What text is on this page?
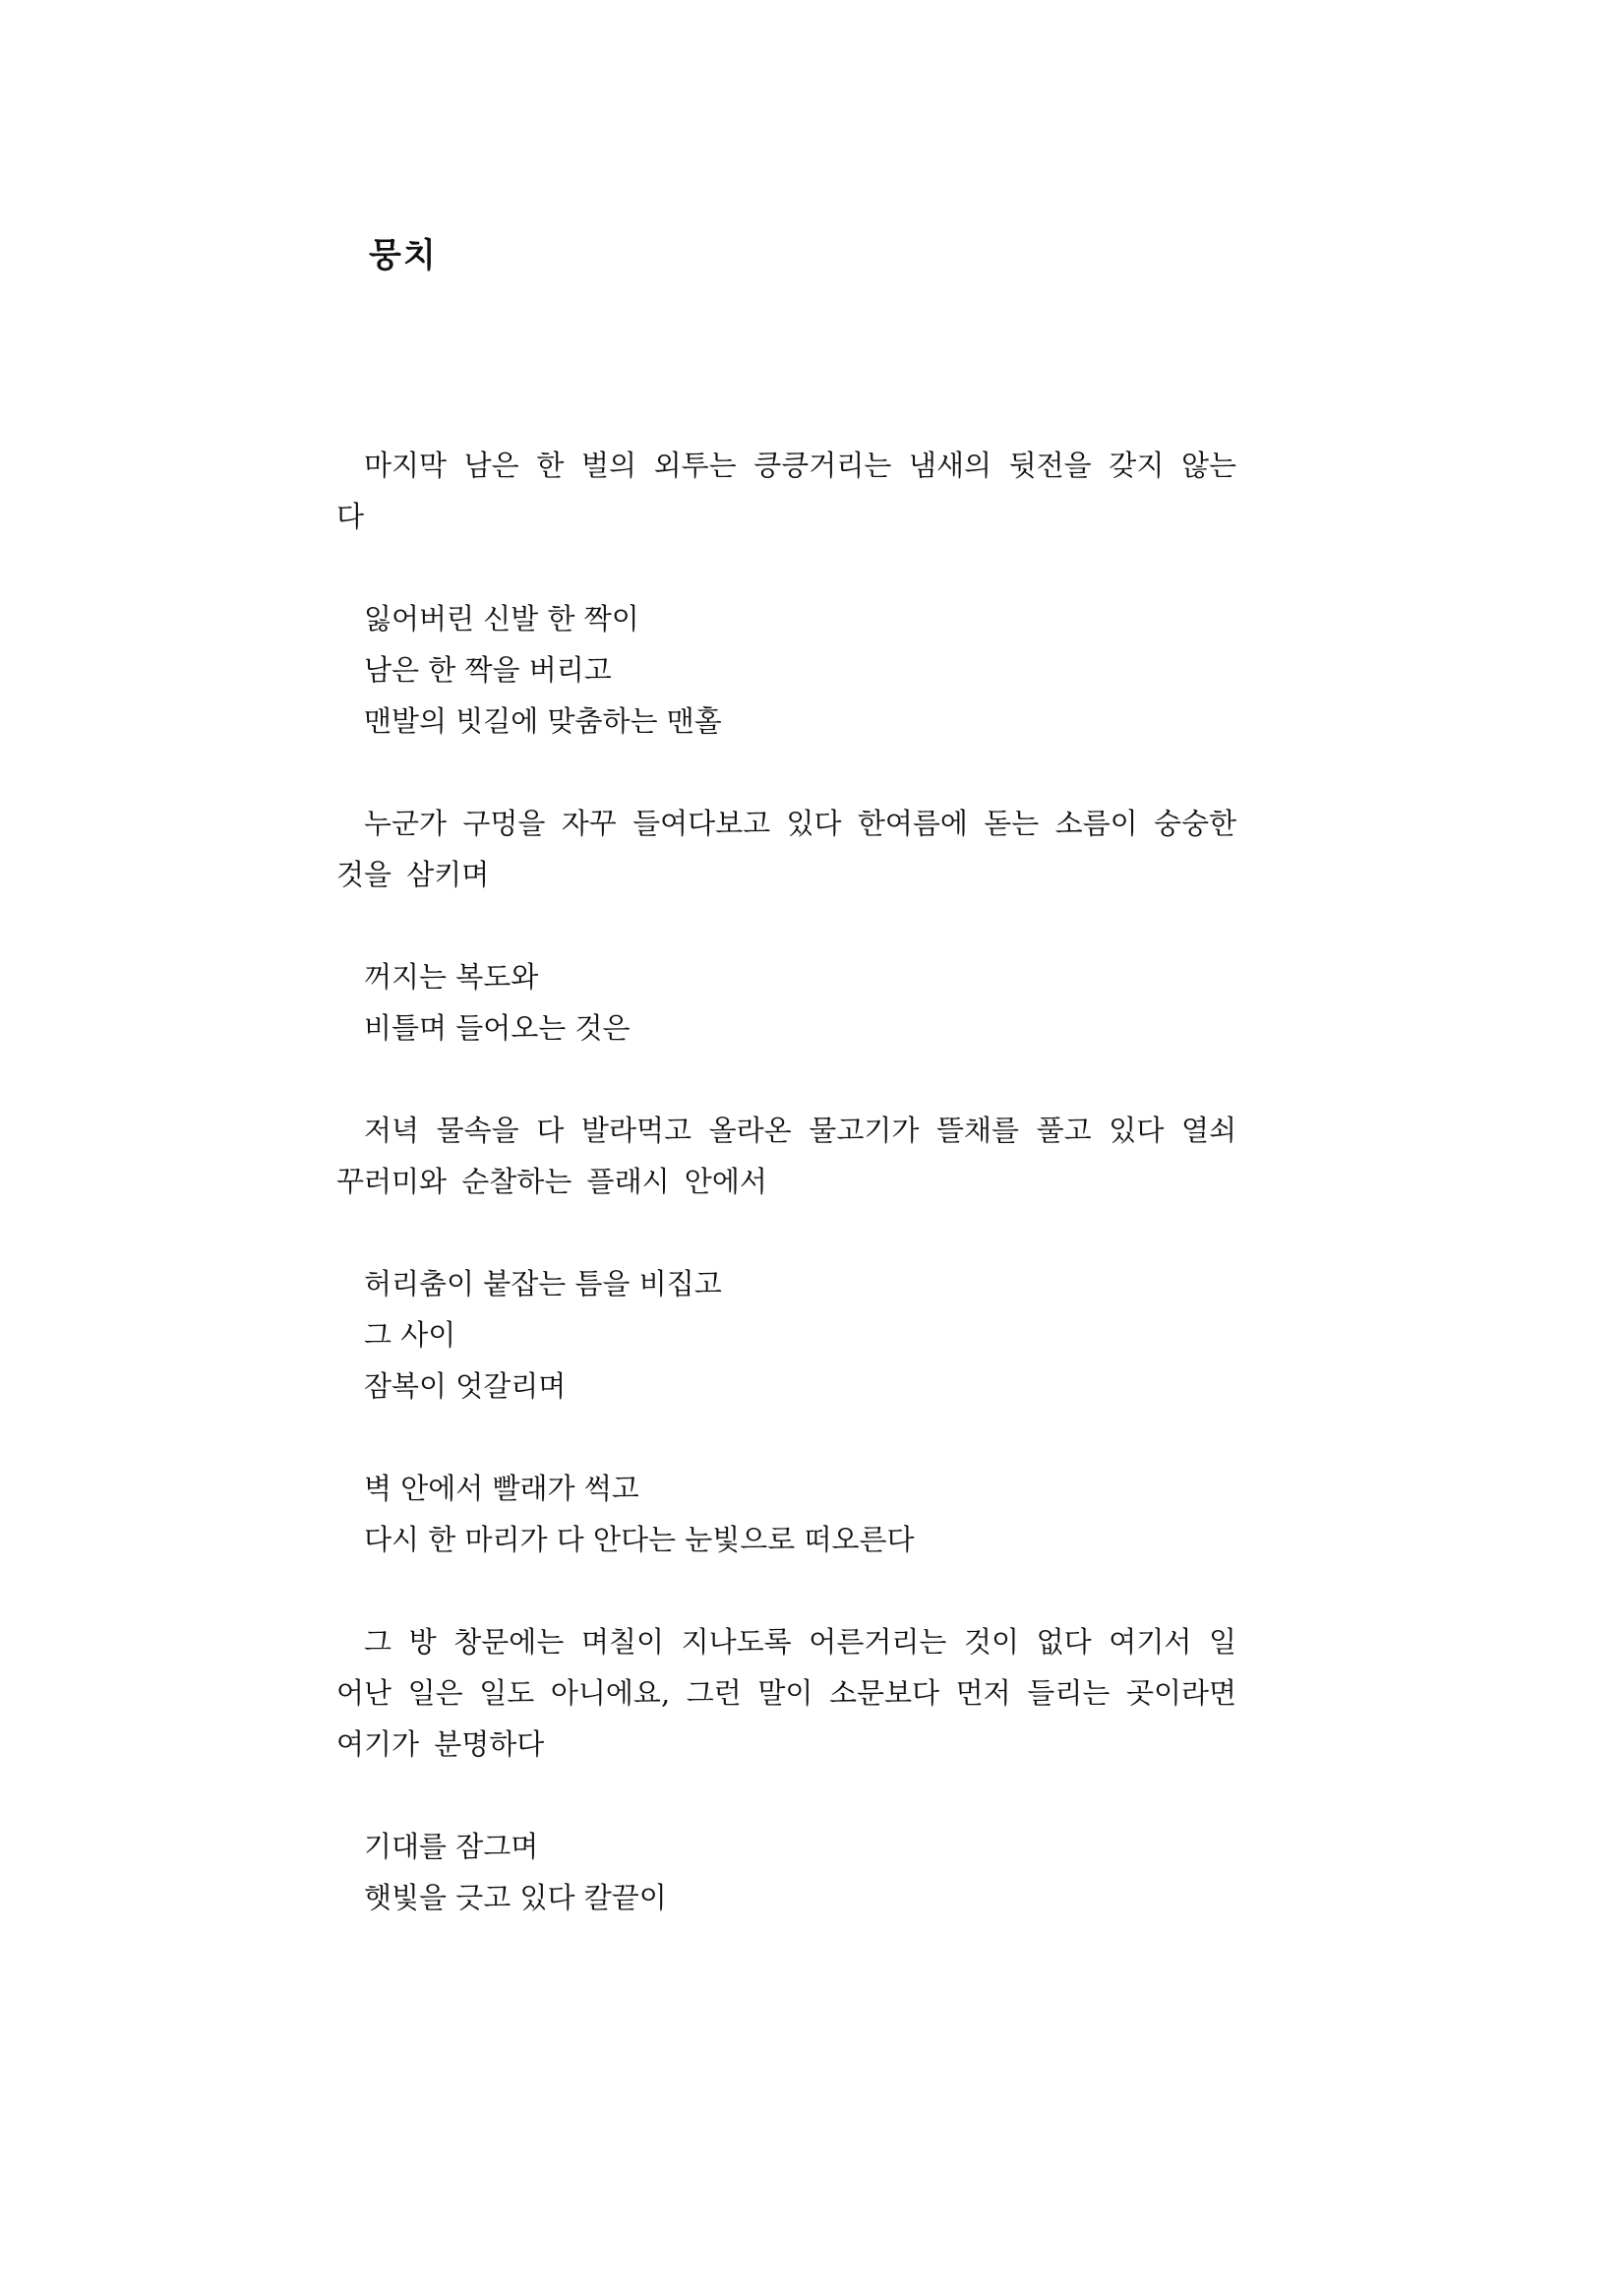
뭉치
마지막 남은 한 벌의 외투는 킁킁거리는 냄새의 뒷전을 갖지 않는다
잃어버린 신발 한 짝이
남은 한 짝을 버리고
맨발의 빗길에 맞춤하는 맨홀
누군가 구멍을 자꾸 들여다보고 있다 한여름에 돋는 소름이 숭숭한 것을 삼키며
꺼지는 복도와
비틀며 들어오는 것은
저녁 물속을 다 발라먹고 올라온 물고기가 뜰채를 풀고 있다 열쇠 꾸러미와 순찰하는 플래시 안에서
허리춤이 붙잡는 틈을 비집고
그 사이
잠복이 엇갈리며
벽 안에서 빨래가 썩고
다시 한 마리가 다 안다는 눈빛으로 떠오른다
그 방 창문에는 며칠이 지나도록 어른거리는 것이 없다 여기서 일어난 일은 일도 아니에요, 그런 말이 소문보다 먼저 들리는 곳이라면 여기가 분명하다
기대를 잠그며
햇빛을 긋고 있다 칼끝이
